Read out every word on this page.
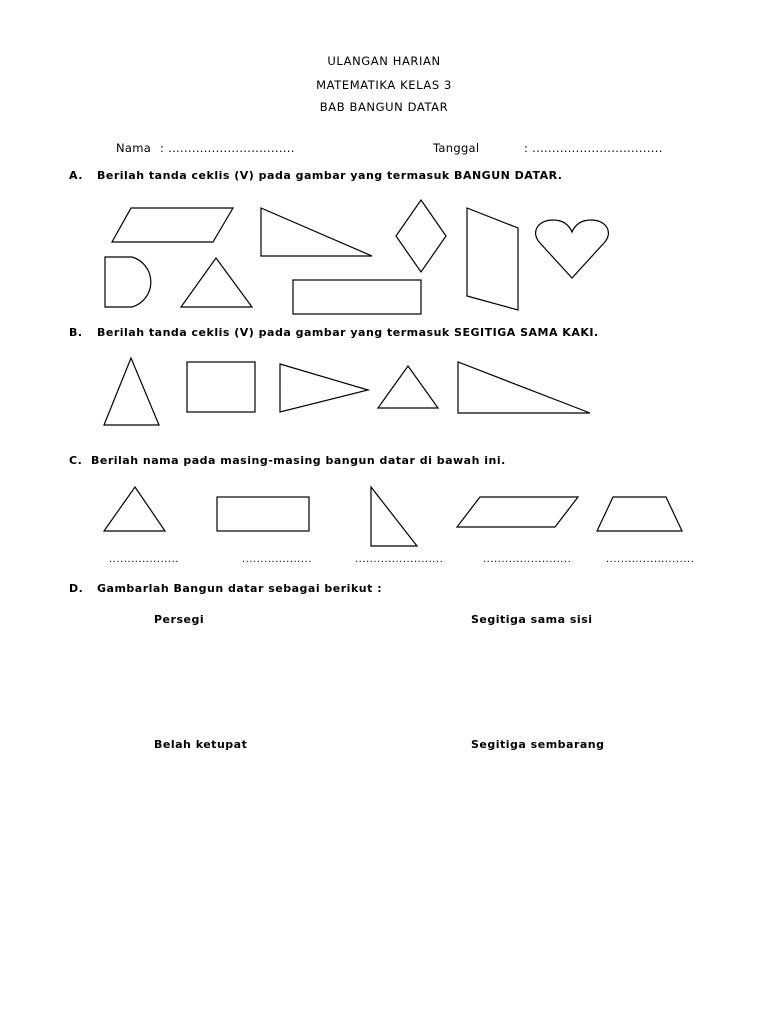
ULANGAN HARIAN
MATEMATIKA KELAS 3
BAB BANGUN DATAR
Nama : ................................	Tanggal	: .................................
A. Berilah tanda ceklis (V) pada gambar yang termasuk BANGUN DATAR.
B. Berilah tanda ceklis (V) pada gambar yang termasuk SEGITIGA SAMA KAKI.
C. Berilah nama pada masing-masing bangun datar di bawah ini.
D. Gambarlah Bangun datar sebagai berikut :
...................	...................	........................	........................	........................
Persegi	Segitiga sama sisi
Belah ketupat	Segitiga sembarang
